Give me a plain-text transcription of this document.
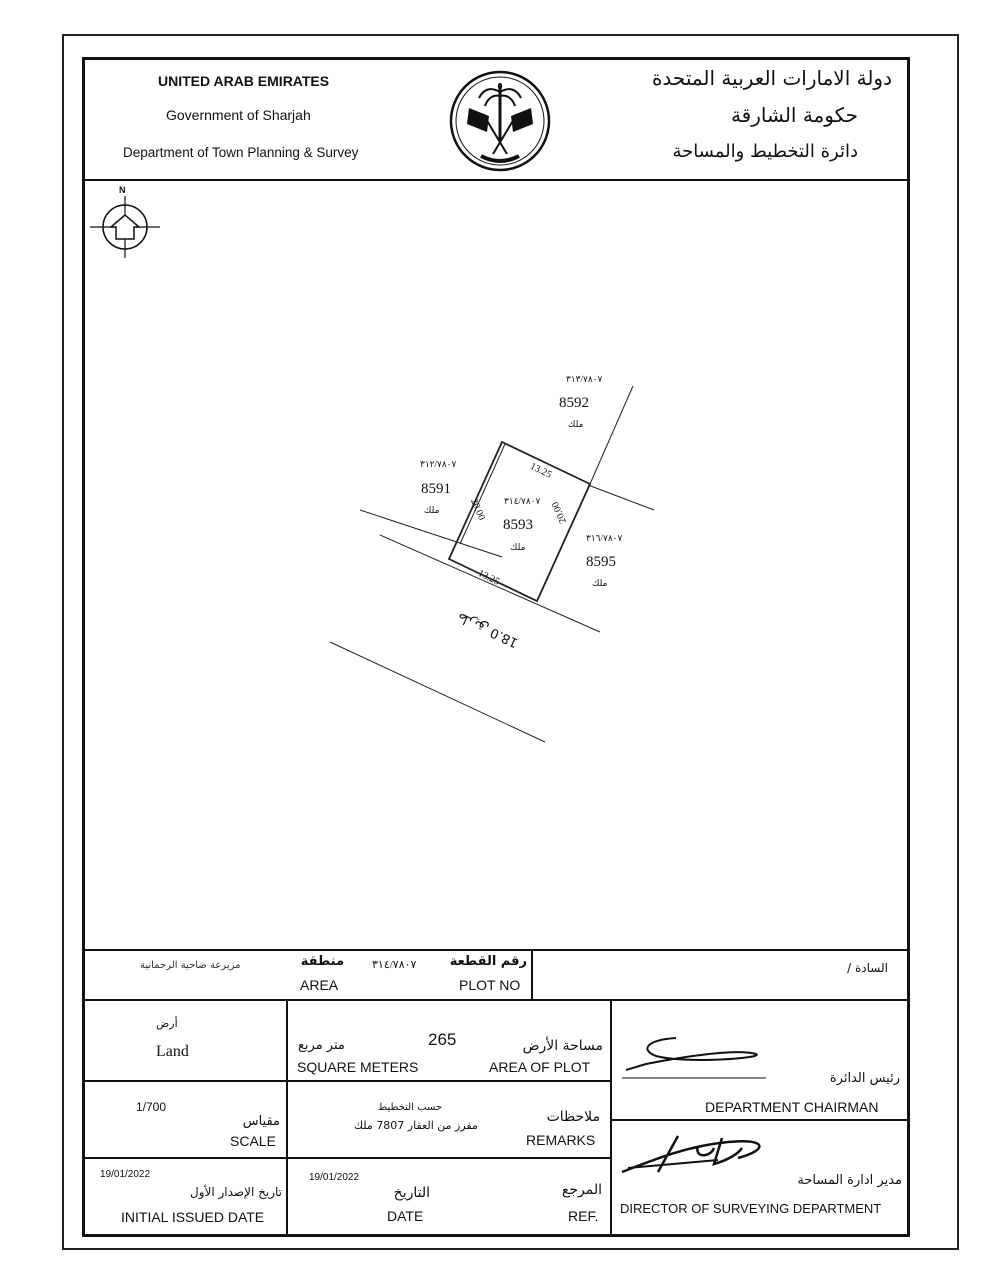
UNITED ARAB EMIRATES
Government of Sharjah
Department of Town Planning & Survey
دولة الامارات العربية المتحدة
حكومة الشارقة
دائرة التخطيط والمساحة
N
٣١٣/٧٨٠٧
8592
ملك
٣١٢/٧٨٠٧
8591
ملك
٣١٤/٧٨٠٧
8593
ملك
٣١٦/٧٨٠٧
8595
ملك
13.25
13.25
20.00	20.00
طريق 18.0
مزيرعة ضاحية الرحمانية	منطقة
AREA
٣١٤/٧٨٠٧	رقم القطعة
PLOT NO
السادة /
أرض
Land
265
متر مربع
SQUARE METERS
مساحة الأرض
AREA OF PLOT
رئيس الدائرة
DEPARTMENT CHAIRMAN
1/700
مقياس
SCALE
حسب التخطيط
مفرز من العقار 7807 ملك
ملاحظات
REMARKS
19/01/2022
تاريخ الإصدار الأول
INITIAL ISSUED DATE
19/01/2022
التاريخ
DATE
المرجع
REF.
مدير ادارة المساحة
DIRECTOR OF SURVEYING DEPARTMENT
